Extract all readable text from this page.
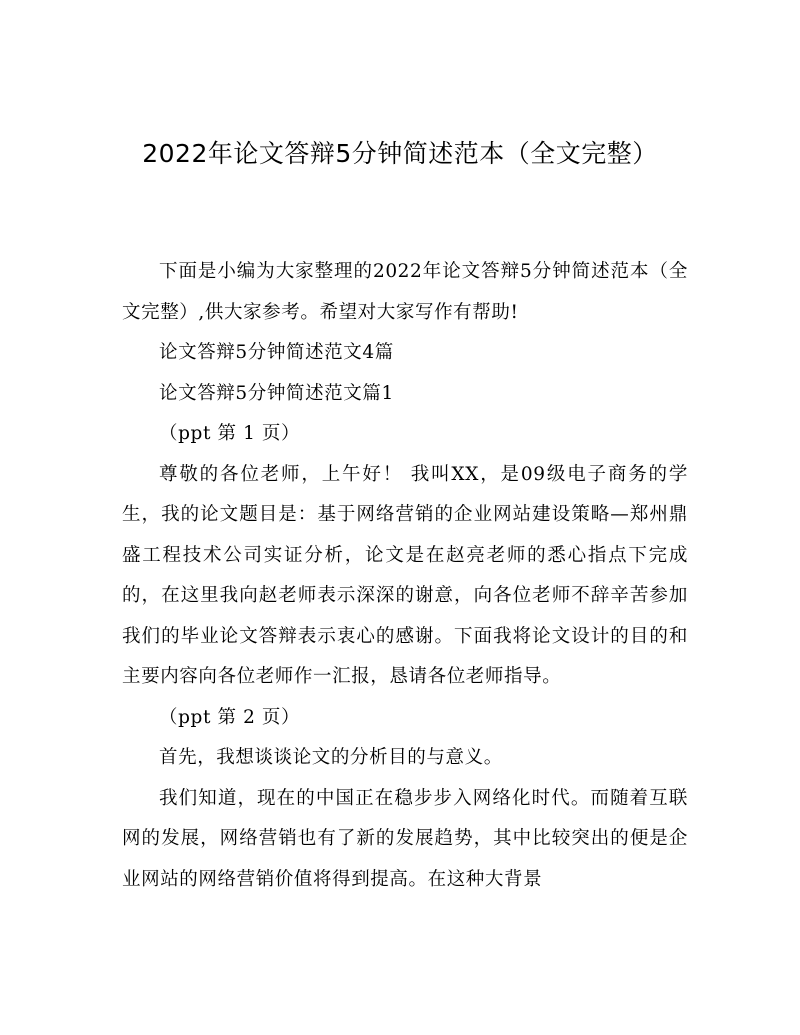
2022年论文答辩5分钟简述范本（全文完整）

下面是小编为大家整理的2022年论文答辩5分钟简述范本（全文完整）,供大家参考。希望对大家写作有帮助!

论文答辩5分钟简述范文4篇

论文答辩5分钟简述范文篇1

（ppt 第 1 页）

尊敬的各位老师，上午好！ 我叫XX，是09级电子商务的学生，我的论文题目是：基于网络营销的企业网站建设策略—郑州鼎盛工程技术公司实证分析，论文是在赵亮老师的悉心指点下完成的，在这里我向赵老师表示深深的谢意，向各位老师不辞辛苦参加我们的毕业论文答辩表示衷心的感谢。下面我将论文设计的目的和主要内容向各位老师作一汇报，恳请各位老师指导。

（ppt 第 2 页）

首先，我想谈谈论文的分析目的与意义。

我们知道，现在的中国正在稳步步入网络化时代。而随着互联网的发展，网络营销也有了新的发展趋势，其中比较突出的便是企业网站的网络营销价值将得到提高。在这种大背景
